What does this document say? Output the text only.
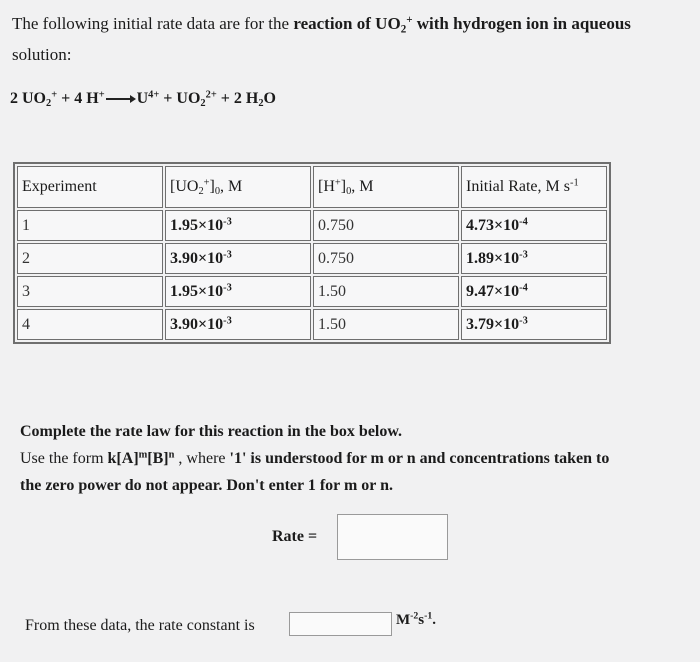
The following initial rate data are for the reaction of $UO_2^+$ with hydrogen ion in aqueous
solution:
2 $UO_2^+ + 4$ H+ $U^{4+} + UO_2^{2+} + 2$ $H_2O$
Experiment	$[UO_2^+]_0$, M	$[H^+]_0$, M	Initial Rate, M $s^{-1}$
1	$1.95\times 10^{-3}$	0.750	$4.73\times 10^{-4}$
2	$3.90\times 10^{-3}$	0.750	$1.89\times 10^{-3}$
3	$1.95\times 10^{-3}$	1.50	$9.47\times 10^{-4}$
4	$3.90\times 10^{-3}$	1.50	$3.79\times 10^{-3}$
Complete the rate law for this reaction in the box below.
Use the form $k[A]^m[B]^n$ , where '1' is understood for m or n and concentrations taken to
the zero power do not appear. Don't enter 1 for m or n.
Rate =
From these data, the rate constant is	$M^{-2}s^{-1}$.
